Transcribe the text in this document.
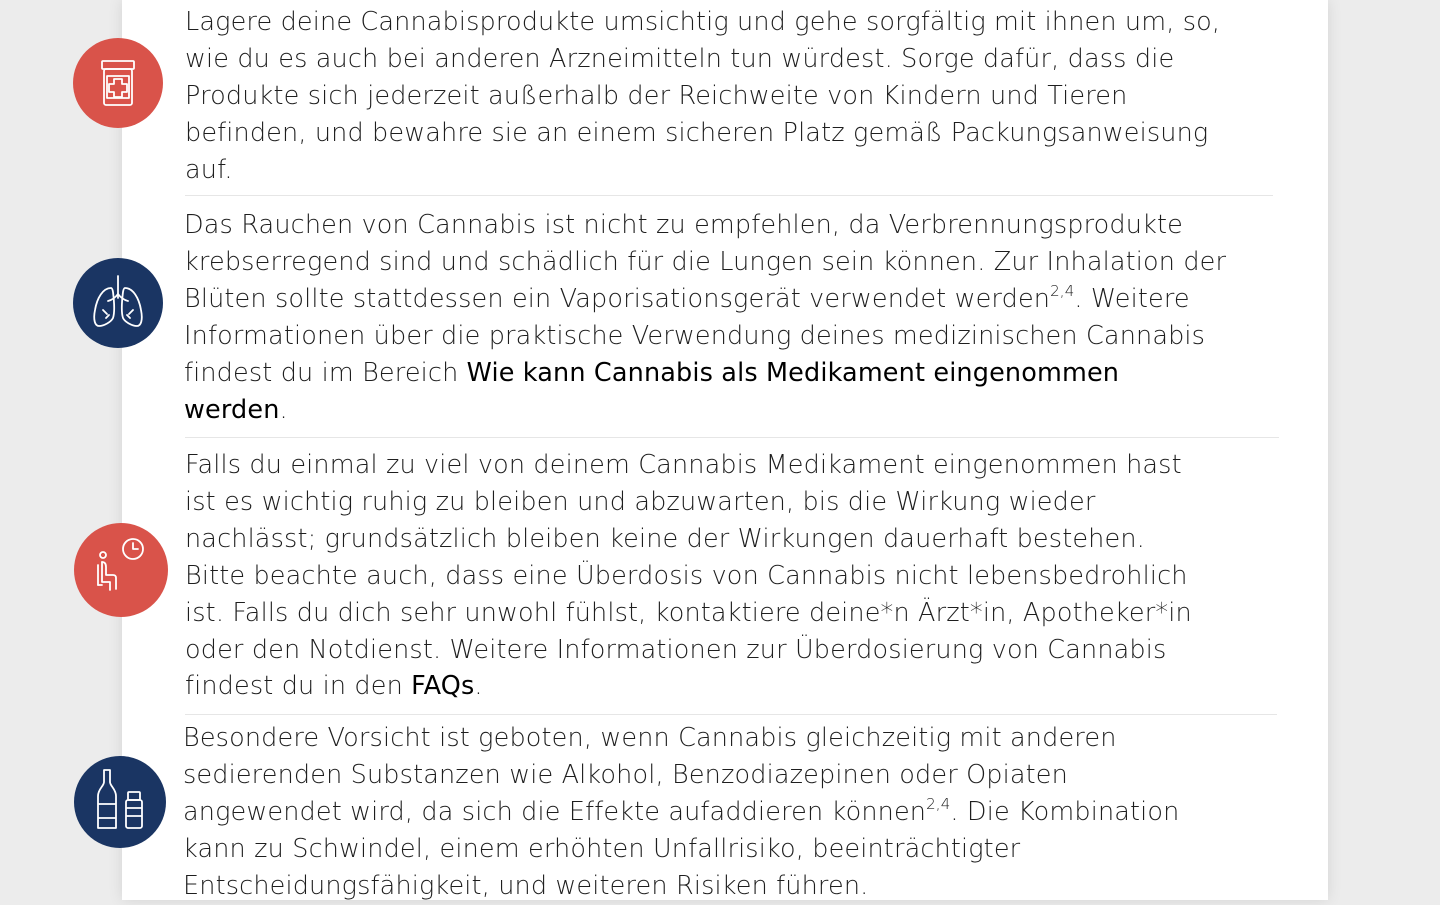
Lagere deine Cannabisprodukte umsichtig und gehe sorgfältig mit ihnen um, so,
wie du es auch bei anderen Arzneimitteln tun würdest. Sorge dafür, dass die
Produkte sich jederzeit außerhalb der Reichweite von Kindern und Tieren
befinden, und bewahre sie an einem sicheren Platz gemäß Packungsanweisung
auf.
Das Rauchen von Cannabis ist nicht zu empfehlen, da Verbrennungsprodukte
krebserregend sind und schädlich für die Lungen sein können. Zur Inhalation der
Blüten sollte stattdessen ein Vaporisationsgerät verwendet werden$^{2,4}$. Weitere
Informationen über die praktische Verwendung deines medizinischen Cannabis
findest du im Bereich Wie kann Cannabis als Medikament eingenommen
werden.
Falls du einmal zu viel von deinem Cannabis Medikament eingenommen hast
ist es wichtig ruhig zu bleiben und abzuwarten, bis die Wirkung wieder
nachlässt; grundsätzlich bleiben keine der Wirkungen dauerhaft bestehen.
Bitte beachte auch, dass eine Überdosis von Cannabis nicht lebensbedrohlich
ist. Falls du dich sehr unwohl fühlst, kontaktiere deine*n Ärzt*in, Apotheker*in
oder den Notdienst. Weitere Informationen zur Überdosierung von Cannabis
findest du in den FAQs.
Besondere Vorsicht ist geboten, wenn Cannabis gleichzeitig mit anderen
sedierenden Substanzen wie Alkohol, Benzodiazepinen oder Opiaten
angewendet wird, da sich die Effekte aufaddieren können$^{2,4}$. Die Kombination
kann zu Schwindel, einem erhöhten Unfallrisiko, beeinträchtigter
Entscheidungsfähigkeit, und weiteren Risiken führen.
